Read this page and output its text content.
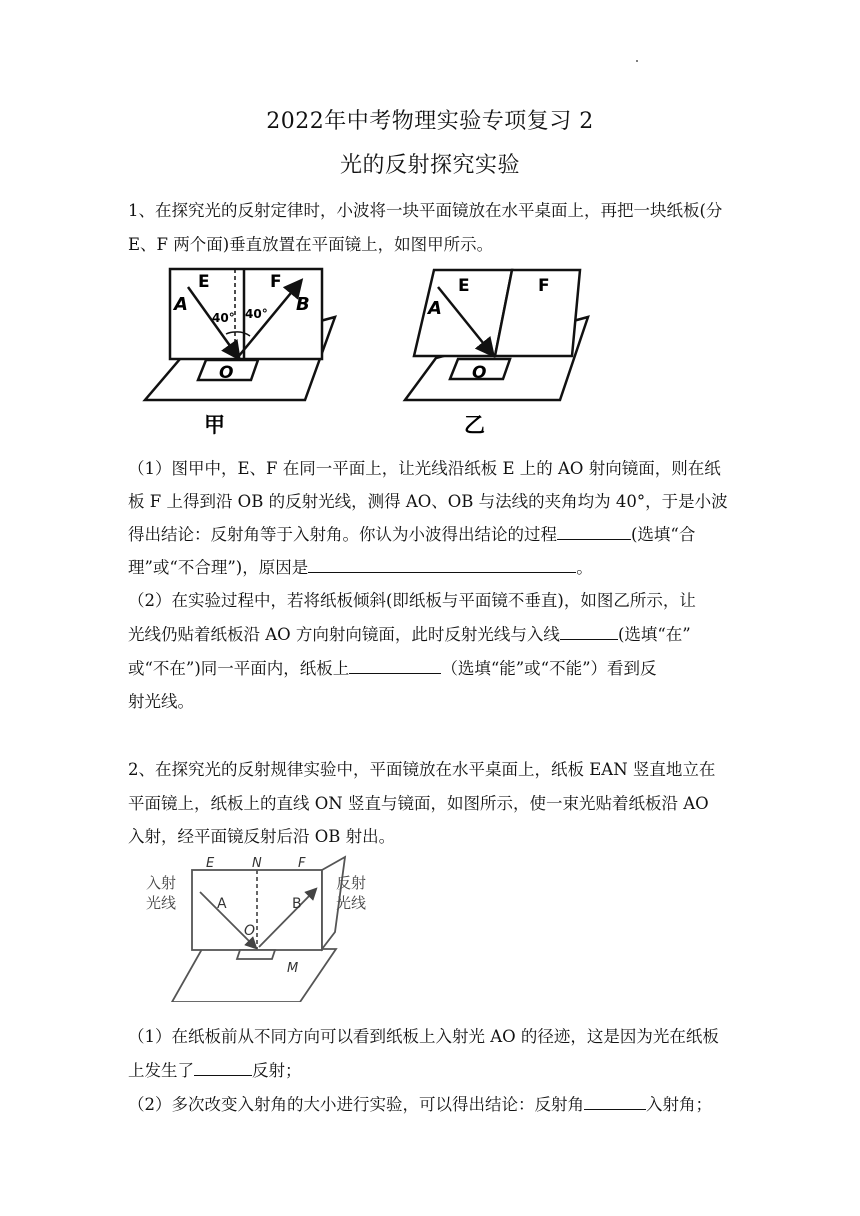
2022年中考物理实验专项复习 2
光的反射探究实验
1、在探究光的反射定律时，小波将一块平面镜放在水平桌面上，再把一块纸板(分
E、F 两个面)垂直放置在平面镜上，如图甲所示。
E	F
A	B
40° 40°
O
甲
E	F
A
O
乙
（1）图甲中，E、F 在同一平面上，让光线沿纸板 E 上的 AO 射向镜面，则在纸
板 F 上得到沿 OB 的反射光线，测得 AO、OB 与法线的夹角均为 40°，于是小波
得出结论：反射角等于入射角。你认为小波得出结论的过程	(选填“合
理”或“不合理”)，原因是	。
（2）在实验过程中，若将纸板倾斜(即纸板与平面镜不垂直)，如图乙所示，让
光线仍贴着纸板沿 AO 方向射向镜面，此时反射光线与入线	(选填“在”
或“不在”)同一平面内，纸板上	（选填“能”或“不能”）看到反
射光线。
2、在探究光的反射规律实验中，平面镜放在水平桌面上，纸板 EAN 竖直地立在
平面镜上，纸板上的直线 ON 竖直与镜面，如图所示，使一束光贴着纸板沿 AO
入射，经平面镜反射后沿 OB 射出。
E	N	F
A	B
O
M
入射
光线
反射
光线
（1）在纸板前从不同方向可以看到纸板上入射光 AO 的径迹，这是因为光在纸板
上发生了	反射；
（2）多次改变入射角的大小进行实验，可以得出结论：反射角	入射角；
